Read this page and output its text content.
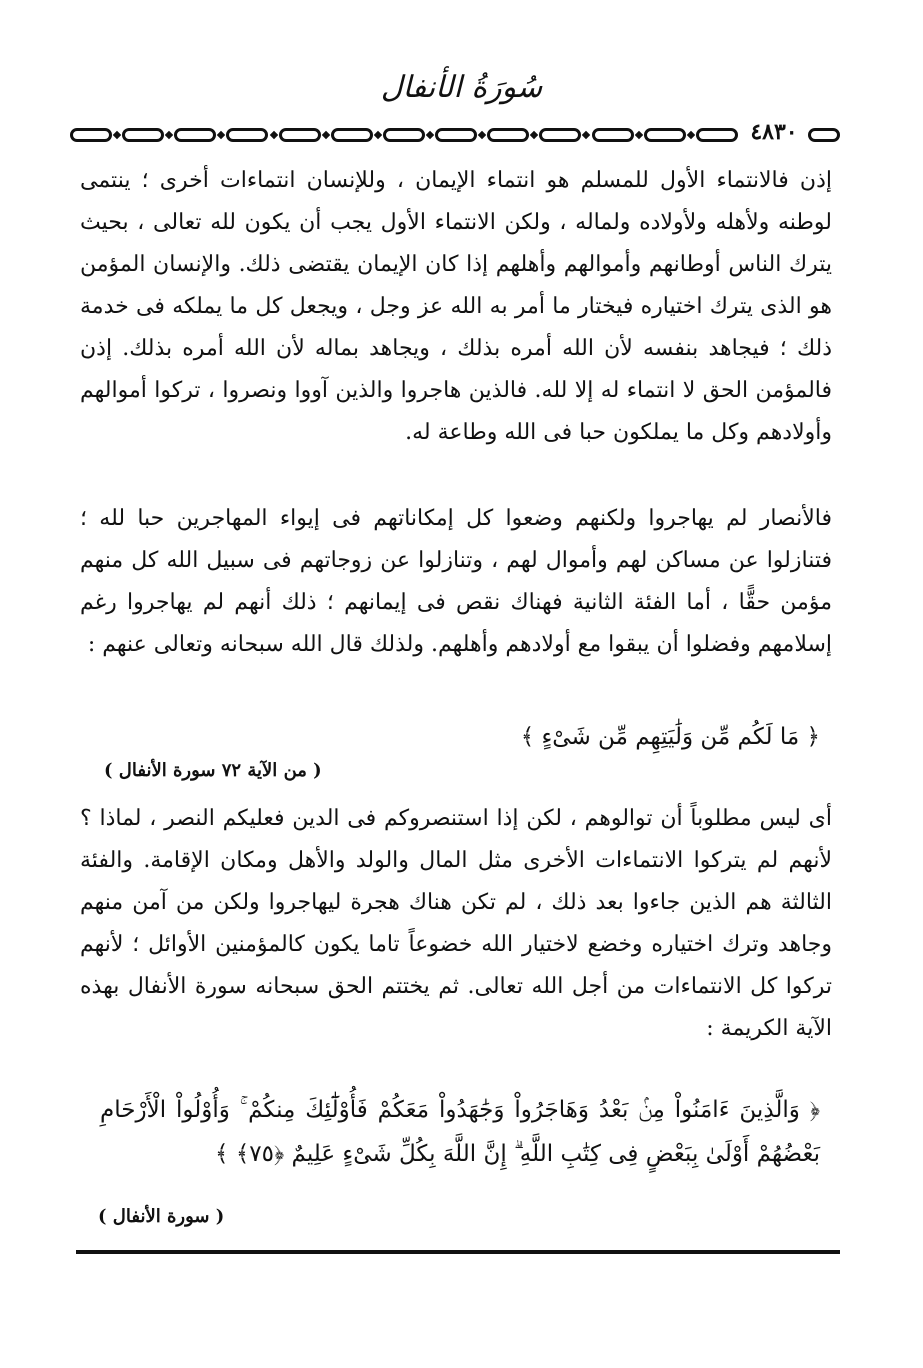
سُورَةُ الأنفال
٤٨٣٠
إذن فالانتماء الأول للمسلم هو انتماء الإيمان ، وللإنسان انتماءات أخرى ؛ ينتمى لوطنه ولأهله ولأولاده ولماله ، ولكن الانتماء الأول يجب أن يكون لله تعالى ، بحيث يترك الناس أوطانهم وأموالهم وأهلهم إذا كان الإيمان يقتضى ذلك. والإنسان المؤمن هو الذى يترك اختياره فيختار ما أمر به الله عز وجل ، ويجعل كل ما يملكه فى خدمة ذلك ؛ فيجاهد بنفسه لأن الله أمره بذلك ، ويجاهد بماله لأن الله أمره بذلك. إذن فالمؤمن الحق لا انتماء له إلا لله. فالذين هاجروا والذين آووا ونصروا ، تركوا أموالهم وأولادهم وكل ما يملكون حبا فى الله وطاعة له.
فالأنصار لم يهاجروا ولكنهم وضعوا كل إمكاناتهم فى إيواء المهاجرين حبا لله ؛ فتنازلوا عن مساكن لهم وأموال لهم ، وتنازلوا عن زوجاتهم فى سبيل الله كل منهم مؤمن حقًّا ، أما الفئة الثانية فهناك نقص فى إيمانهم ؛ ذلك أنهم لم يهاجروا رغم إسلامهم وفضلوا أن يبقوا مع أولادهم وأهلهم. ولذلك قال الله سبحانه وتعالى عنهم :
﴿ مَا لَكُم مِّن وَلَٰيَتِهِم مِّن شَىْءٍ ﴾
( من الآية ٧٢ سورة الأنفال )
أى ليس مطلوباً أن توالوهم ، لكن إذا استنصروكم فى الدين فعليكم النصر ، لماذا ؟ لأنهم لم يتركوا الانتماءات الأخرى مثل المال والولد والأهل ومكان الإقامة. والفئة الثالثة هم الذين جاءوا بعد ذلك ، لم تكن هناك هجرة ليهاجروا ولكن من آمن منهم وجاهد وترك اختياره وخضع لاختيار الله خضوعاً تاما يكون كالمؤمنين الأوائل ؛ لأنهم تركوا كل الانتماءات من أجل الله تعالى. ثم يختتم الحق سبحانه سورة الأنفال بهذه الآية الكريمة :
﴿ وَالَّذِينَ ءَامَنُواْ مِنۢ بَعْدُ وَهَاجَرُواْ وَجَٰهَدُواْ مَعَكُمْ فَأُوْلَٰٓئِكَ مِنكُمْ ۚ وَأُوْلُواْ الْأَرْحَامِ بَعْضُهُمْ أَوْلَىٰ بِبَعْضٍ فِى كِتَٰبِ اللَّهِ ۗ إِنَّ اللَّهَ بِكُلِّ شَىْءٍ عَلِيمٌ ﴿٧٥﴾ ﴾
( سورة الأنفال )
